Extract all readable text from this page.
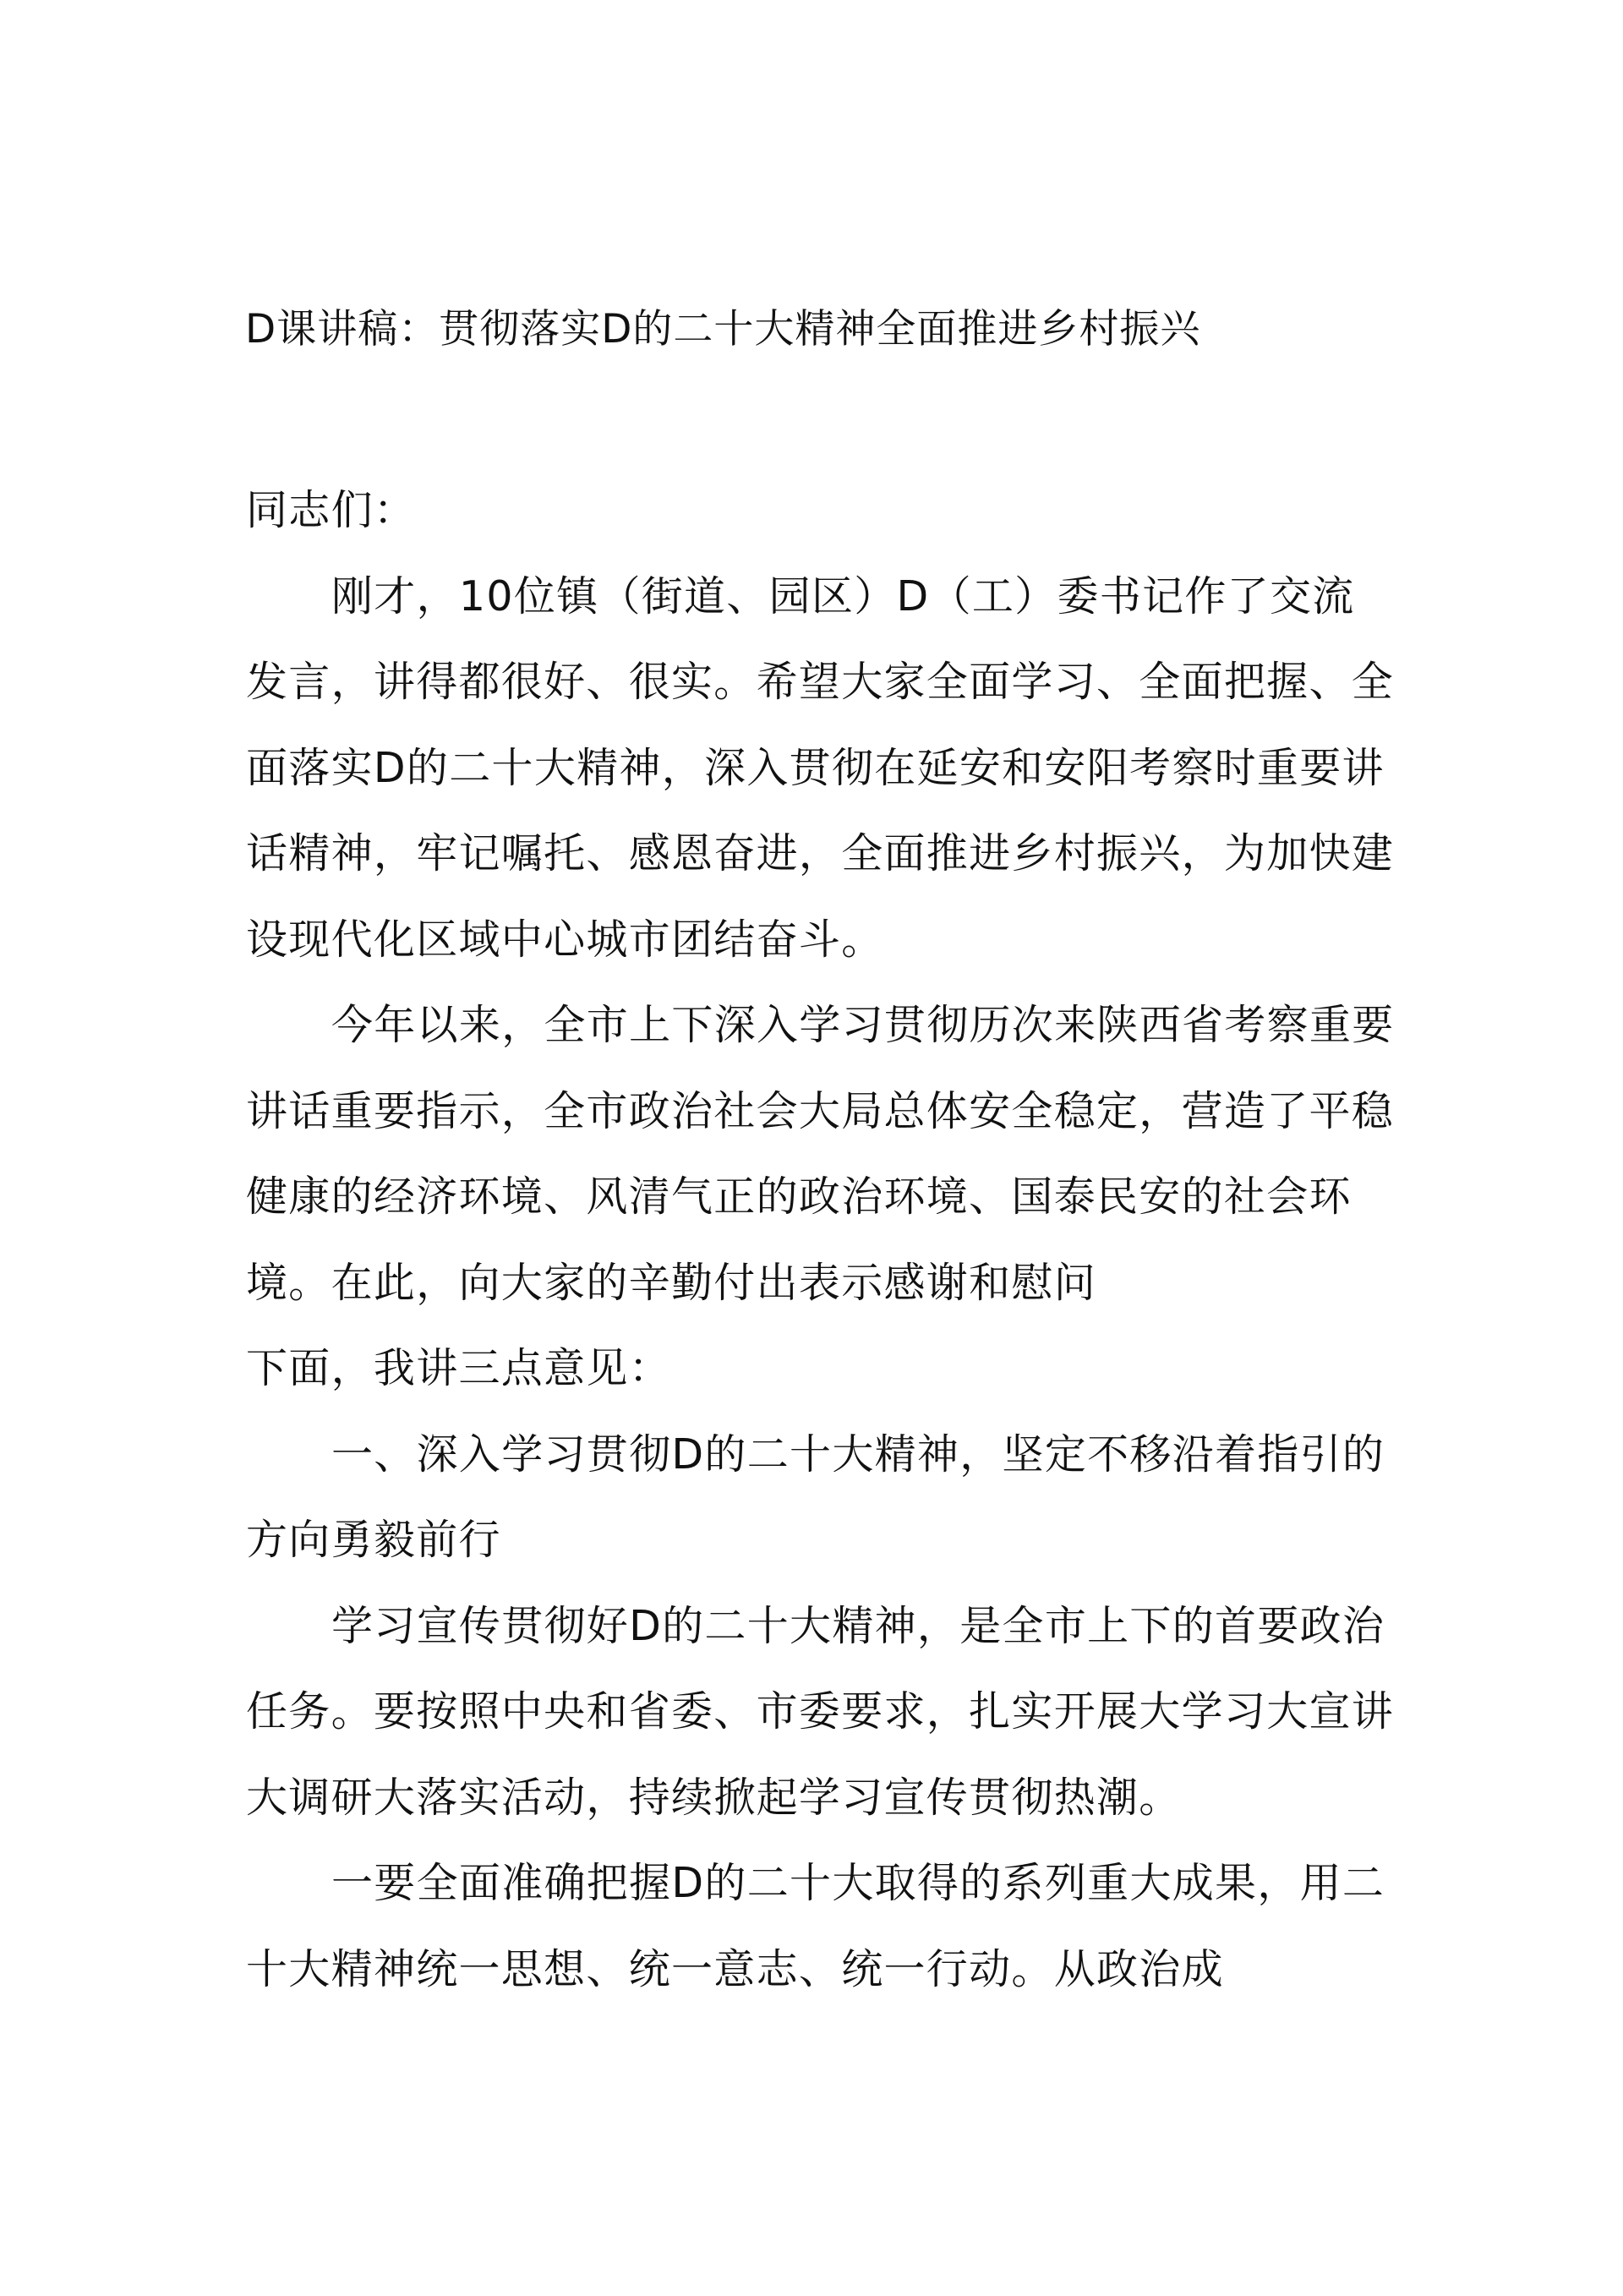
D课讲稿：贯彻落实D的二十大精神全面推进乡村振兴

同志们：

刚才，10位镇（街道、园区）D（工）委书记作了交流发言，讲得都很好、很实。希望大家全面学习、全面把握、全面落实D的二十大精神，深入贯彻在延安和安阳考察时重要讲话精神，牢记嘱托、感恩奋进，全面推进乡村振兴，为加快建设现代化区域中心城市团结奋斗。

今年以来，全市上下深入学习贯彻历次来陕西省考察重要讲话重要指示，全市政治社会大局总体安全稳定，营造了平稳健康的经济环境、风清气正的政治环境、国泰民安的社会环境。在此，向大家的辛勤付出表示感谢和慰问

下面，我讲三点意见：

一、深入学习贯彻D的二十大精神，坚定不移沿着指引的方向勇毅前行

学习宣传贯彻好D的二十大精神，是全市上下的首要政治任务。要按照中央和省委、市委要求，扎实开展大学习大宣讲大调研大落实活动，持续掀起学习宣传贯彻热潮。

一要全面准确把握D的二十大取得的系列重大成果，用二十大精神统一思想、统一意志、统一行动。从政治成
